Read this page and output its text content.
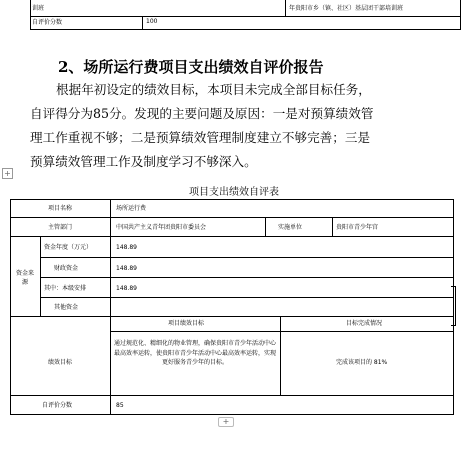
训班	年贵阳市乡（镇、社区）基层团干部培训班
自评价分数	100
2、场所运行费项目支出绩效自评价报告

根据年初设定的绩效目标，本项目未完成全部目标任务，

自评得分为85分。发现的主要问题及原因：一是对预算绩效管

理工作重视不够；二是预算绩效管理制度建立不够完善；三是

预算绩效管理工作及制度学习不够深入。

+
项目支出绩效自评表
项目名称	场所运行费
主管部门	中国共产主义青年团贵阳市委员会	实施单位	贵阳市青少年宫
资金来源
资金年度（万元）	148.89
财政资金	148.89
其中：本级安排	148.89
其他资金
项目绩效目标	目标完成情况
绩效目标
通过规范化、精细化的物业管理，确保贵阳市青少年活动中心最高效率运转，使贵阳市青少年活动中心最高效率运转，实现更好服务青少年的目标。	完成该项目的 81%
自评价分数	85
+
